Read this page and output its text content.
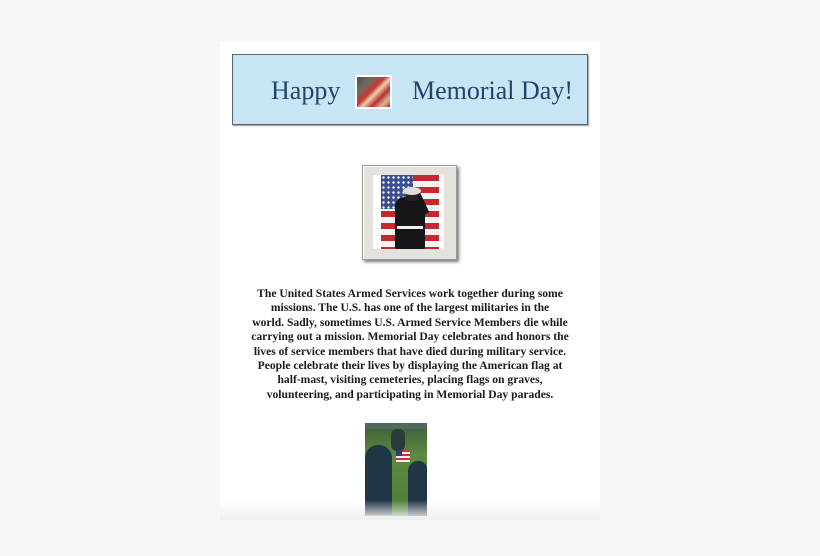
Happy	Memorial Day!

The United States Armed Services work together during some

missions. The U.S. has one of the largest militaries in the

world. Sadly, sometimes U.S. Armed Service Members die while

carrying out a mission. Memorial Day celebrates and honors the

lives of service members that have died during military service.

People celebrate their lives by displaying the American flag at

half-mast, visiting cemeteries, placing flags on graves,

volunteering, and participating in Memorial Day parades.
